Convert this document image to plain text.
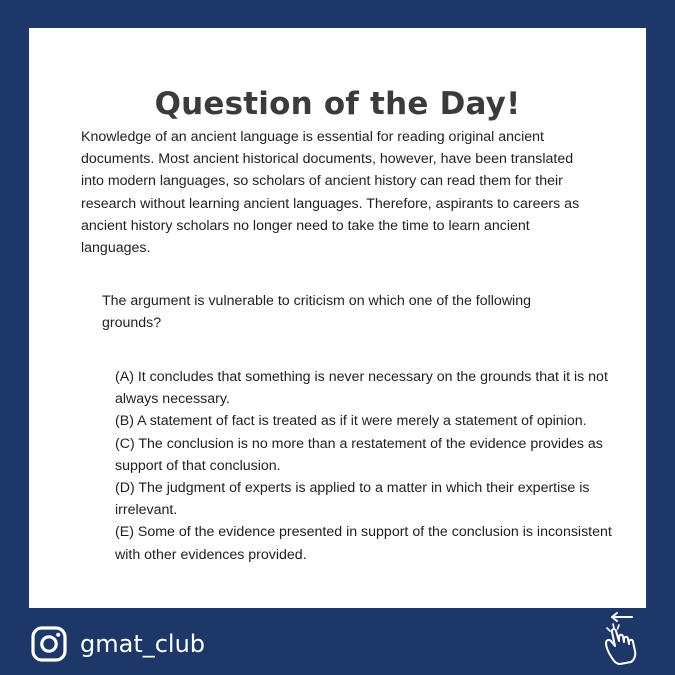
Question of the Day!

Knowledge of an ancient language is essential for reading original ancient documents. Most ancient historical documents, however, have been translated into modern languages, so scholars of ancient history can read them for their research without learning ancient languages. Therefore, aspirants to careers as ancient history scholars no longer need to take the time to learn ancient languages.

The argument is vulnerable to criticism on which one of the following grounds?

(A) It concludes that something is never necessary on the grounds that it is not always necessary.
(B) A statement of fact is treated as if it were merely a statement of opinion.
(C) The conclusion is no more than a restatement of the evidence provides as support of that conclusion.
(D) The judgment of experts is applied to a matter in which their expertise is irrelevant.
(E) Some of the evidence presented in support of the conclusion is inconsistent with other evidences provided.
gmat_club
